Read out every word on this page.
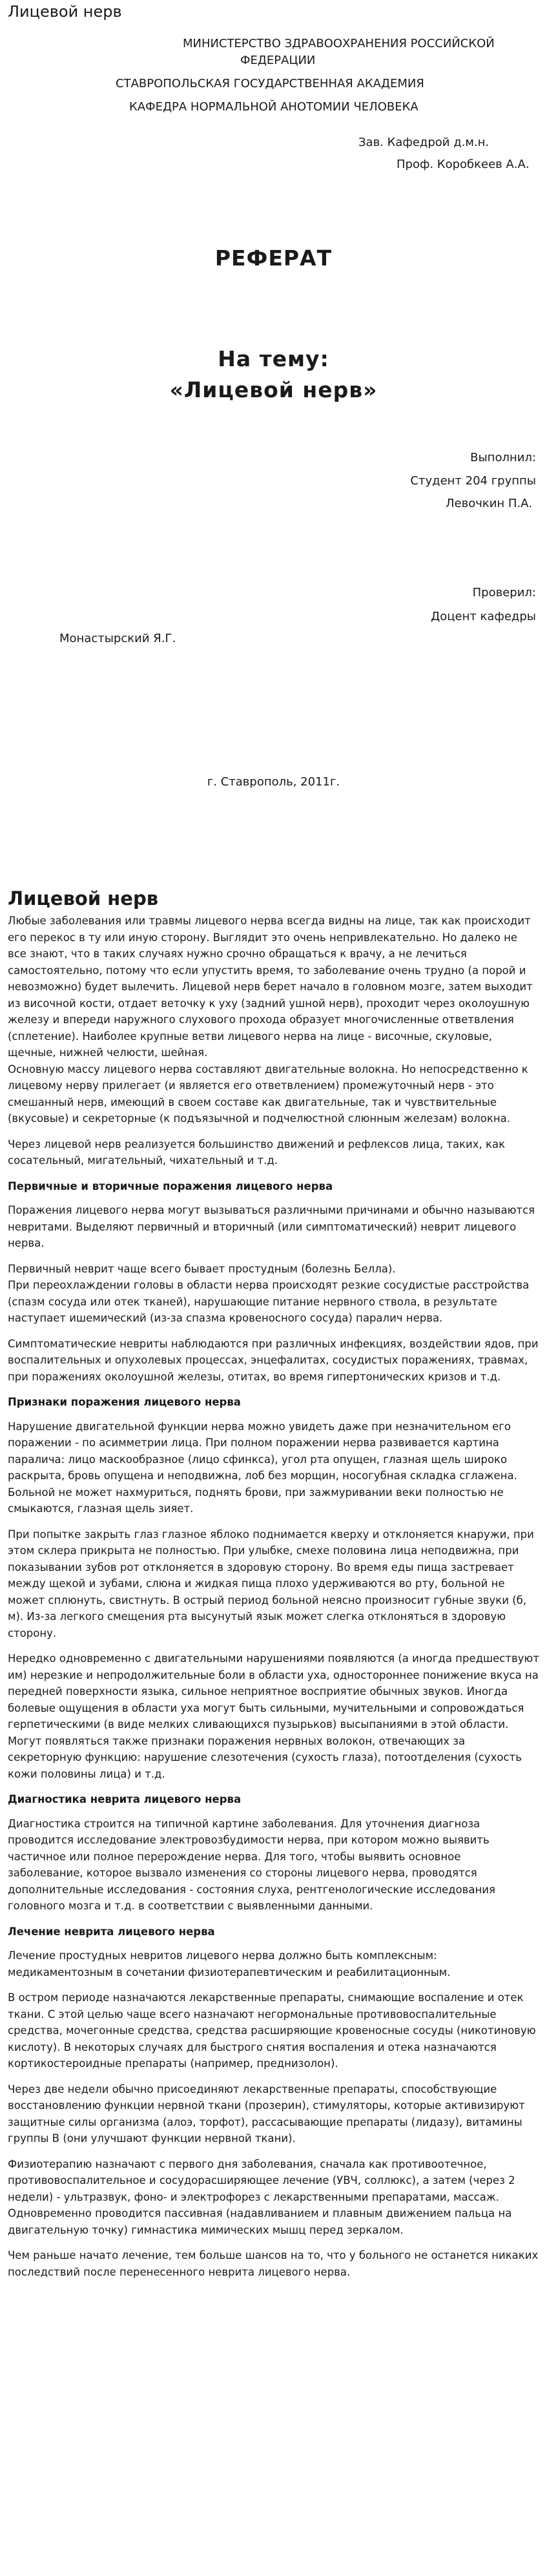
Лицевой нерв
МИНИСТЕРСТВО ЗДРАВООХРАНЕНИЯ РОССИЙСКОЙ
ФЕДЕРАЦИИ
СТАВРОПОЛЬСКАЯ ГОСУДАРСТВЕННАЯ АКАДЕМИЯ
КАФЕДРА НОРМАЛЬНОЙ АНОТОМИИ ЧЕЛОВЕКА
Зав. Кафедрой д.м.н.
Проф. Коробкеев А.А.
РЕФЕРАТ
На тему:
«Лицевой нерв»
Выполнил:
Студент 204 группы
Левочкин П.А.
Проверил:
Доцент кафедры
Монастырский Я.Г.
г. Ставрополь, 2011г.
Лицевой нерв

Любые заболевания или травмы лицевого нерва всегда видны на лице, так как происходит его перекос в ту или иную сторону. Выглядит это очень непривлекательно. Но далеко не все знают, что в таких случаях нужно срочно обращаться к врачу, а не лечиться самостоятельно, потому что если упустить время, то заболевание очень трудно (а порой и невозможно) будет вылечить. Лицевой нерв берет начало в головном мозге, затем выходит из височной кости, отдает веточку к уху (задний ушной нерв), проходит через околоушную железу и впереди наружного слухового прохода образует многочисленные ответвления (сплетение). Наиболее крупные ветви лицевого нерва на лице - височные, скуловые, щечные, нижней челюсти, шейная.

Основную массу лицевого нерва составляют двигательные волокна. Но непосредственно к лицевому нерву прилегает (и является его ответвлением) промежуточный нерв - это смешанный нерв, имеющий в своем составе как двигательные, так и чувствительные (вкусовые) и секреторные (к подъязычной и подчелюстной слюнным железам) волокна.

Через лицевой нерв реализуется большинство движений и рефлексов лица, таких, как сосательный, мигательный, чихательный и т.д.

Первичные и вторичные поражения лицевого нерва

Поражения лицевого нерва могут вызываться различными причинами и обычно называются невритами. Выделяют первичный и вторичный (или симптоматический) неврит лицевого нерва.

Первичный неврит чаще всего бывает простудным (болезнь Белла).

При переохлаждении головы в области нерва происходят резкие сосудистые расстройства (спазм сосуда или отек тканей), нарушающие питание нервного ствола, в результате наступает ишемический (из-за спазма кровеносного сосуда) паралич нерва.

Симптоматические невриты наблюдаются при различных инфекциях, воздействии ядов, при воспалительных и опухолевых процессах, энцефалитах, сосудистых поражениях, травмах, при поражениях околоушной железы, отитах, во время гипертонических кризов и т.д.

Признаки поражения лицевого нерва

Нарушение двигательной функции нерва можно увидеть даже при незначительном его поражении - по асимметрии лица. При полном поражении нерва развивается картина паралича: лицо маскообразное (лицо сфинкса), угол рта опущен, глазная щель широко раскрыта, бровь опущена и неподвижна, лоб без морщин, носогубная складка сглажена. Больной не может нахмуриться, поднять брови, при зажмуривании веки полностью не смыкаются, глазная щель зияет.

При попытке закрыть глаз глазное яблоко поднимается кверху и отклоняется кнаружи, при этом склера прикрыта не полностью. При улыбке, смехе половина лица неподвижна, при показывании зубов рот отклоняется в здоровую сторону. Во время еды пища застревает между щекой и зубами, слюна и жидкая пища плохо удерживаются во рту, больной не может сплюнуть, свистнуть. В острый период больной неясно произносит губные звуки (б, м). Из-за легкого смещения рта высунутый язык может слегка отклоняться в здоровую сторону.

Нередко одновременно с двигательными нарушениями появляются (а иногда предшествуют им) нерезкие и непродолжительные боли в области уха, одностороннее понижение вкуса на передней поверхности языка, сильное неприятное восприятие обычных звуков. Иногда болевые ощущения в области уха могут быть сильными, мучительными и сопровождаться герпетическими (в виде мелких сливающихся пузырьков) высыпаниями в этой области. Могут появляться также признаки поражения нервных волокон, отвечающих за секреторную функцию: нарушение слезотечения (сухость глаза), потоотделения (сухость кожи половины лица) и т.д.

Диагностика неврита лицевого нерва

Диагностика строится на типичной картине заболевания. Для уточнения диагноза проводится исследование электровозбудимости нерва, при котором можно выявить частичное или полное перерождение нерва. Для того, чтобы выявить основное заболевание, которое вызвало изменения со стороны лицевого нерва, проводятся дополнительные исследования - состояния слуха, рентгенологические исследования головного мозга и т.д. в соответствии с выявленными данными.

Лечение неврита лицевого нерва

Лечение простудных невритов лицевого нерва должно быть комплексным: медикаментозным в сочетании физиотерапевтическим и реабилитационным.

В остром периоде назначаются лекарственные препараты, снимающие воспаление и отек ткани. С этой целью чаще всего назначают негормональные противовоспалительные средства, мочегонные средства, средства расширяющие кровеносные сосуды (никотиновую кислоту). В некоторых случаях для быстрого снятия воспаления и отека назначаются кортикостероидные препараты (например, преднизолон).

Через две недели обычно присоединяют лекарственные препараты, способствующие восстановлению функции нервной ткани (прозерин), стимуляторы, которые активизируют защитные силы организма (алоэ, торфот), рассасывающие препараты (лидазу), витамины группы В (они улучшают функции нервной ткани).

Физиотерапию назначают с первого дня заболевания, сначала как противоотечное, противовоспалительное и сосудорасширяющее лечение (УВЧ, соллюкс), а затем (через 2 недели) - ультразвук, фоно- и электрофорез с лекарственными препаратами, массаж. Одновременно проводится пассивная (надавливанием и плавным движением пальца на двигательную точку) гимнастика мимических мышц перед зеркалом.

Чем раньше начато лечение, тем больше шансов на то, что у больного не останется никаких последствий после перенесенного неврита лицевого нерва.
